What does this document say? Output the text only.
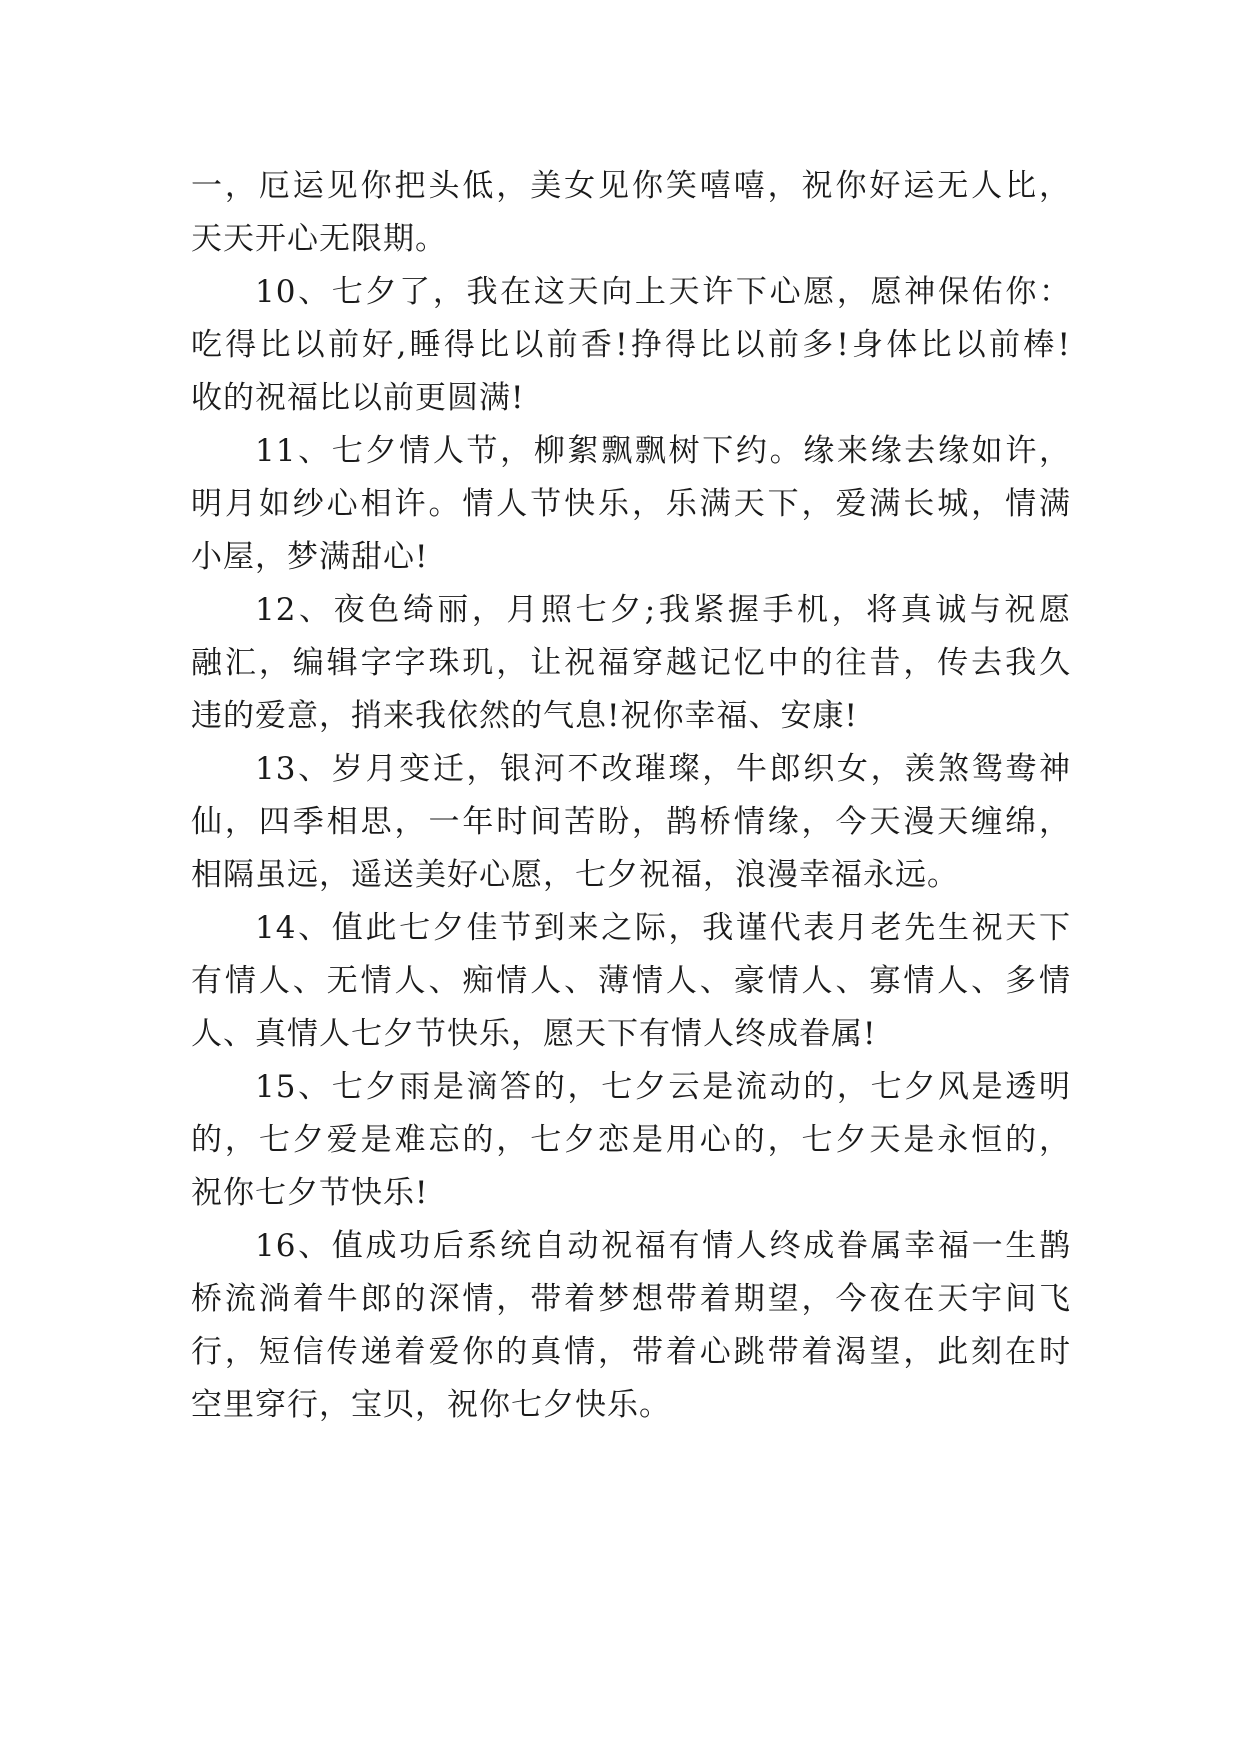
一，厄运见你把头低，美女见你笑嘻嘻，祝你好运无人比，
天天开心无限期。
10、七夕了，我在这天向上天许下心愿，愿神保佑你：
吃得比以前好,睡得比以前香!挣得比以前多!身体比以前棒!
收的祝福比以前更圆满!
11、七夕情人节，柳絮飘飘树下约。缘来缘去缘如许，
明月如纱心相许。情人节快乐，乐满天下，爱满长城，情满
小屋，梦满甜心!
12、夜色绮丽，月照七夕;我紧握手机，将真诚与祝愿
融汇，编辑字字珠玑，让祝福穿越记忆中的往昔，传去我久
违的爱意，捎来我依然的气息!祝你幸福、安康!
13、岁月变迁，银河不改璀璨，牛郎织女，羡煞鸳鸯神
仙，四季相思，一年时间苦盼，鹊桥情缘，今天漫天缠绵，
相隔虽远，遥送美好心愿，七夕祝福，浪漫幸福永远。
14、值此七夕佳节到来之际，我谨代表月老先生祝天下
有情人、无情人、痴情人、薄情人、豪情人、寡情人、多情
人、真情人七夕节快乐，愿天下有情人终成眷属!
15、七夕雨是滴答的，七夕云是流动的，七夕风是透明
的，七夕爱是难忘的，七夕恋是用心的，七夕天是永恒的，
祝你七夕节快乐!
16、值成功后系统自动祝福有情人终成眷属幸福一生鹊
桥流淌着牛郎的深情，带着梦想带着期望，今夜在天宇间飞
行，短信传递着爱你的真情，带着心跳带着渴望，此刻在时
空里穿行，宝贝，祝你七夕快乐。
